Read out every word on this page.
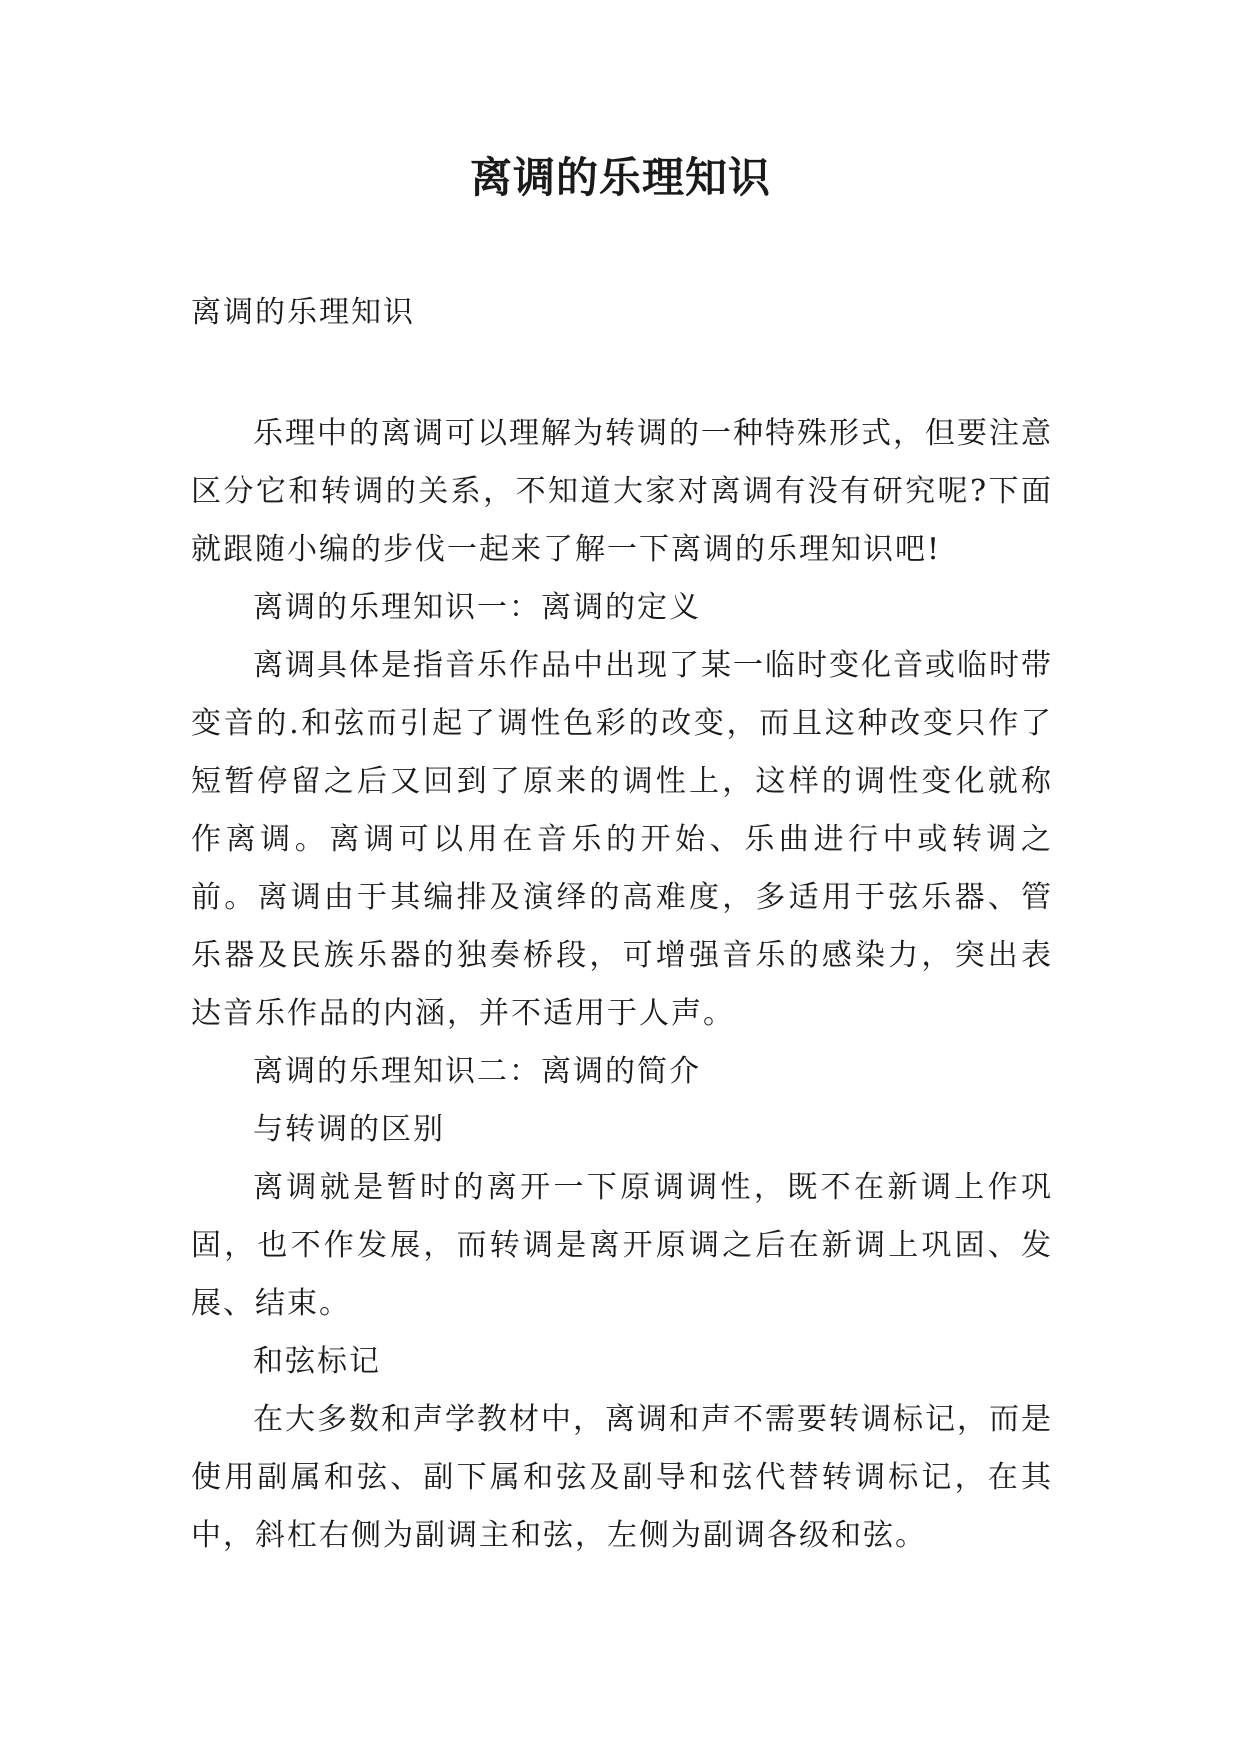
离调的乐理知识

离调的乐理知识

乐理中的离调可以理解为转调的一种特殊形式，但要注意区分它和转调的关系，不知道大家对离调有没有研究呢?下面就跟随小编的步伐一起来了解一下离调的乐理知识吧!

离调的乐理知识一：离调的定义

离调具体是指音乐作品中出现了某一临时变化音或临时带变音的.和弦而引起了调性色彩的改变，而且这种改变只作了短暂停留之后又回到了原来的调性上，这样的调性变化就称作离调。离调可以用在音乐的开始、乐曲进行中或转调之前。离调由于其编排及演绎的高难度，多适用于弦乐器、管乐器及民族乐器的独奏桥段，可增强音乐的感染力，突出表达音乐作品的内涵，并不适用于人声。

离调的乐理知识二：离调的简介

与转调的区别

离调就是暂时的离开一下原调调性，既不在新调上作巩固，也不作发展，而转调是离开原调之后在新调上巩固、发展、结束。

和弦标记

在大多数和声学教材中，离调和声不需要转调标记，而是使用副属和弦、副下属和弦及副导和弦代替转调标记，在其中，斜杠右侧为副调主和弦，左侧为副调各级和弦。
